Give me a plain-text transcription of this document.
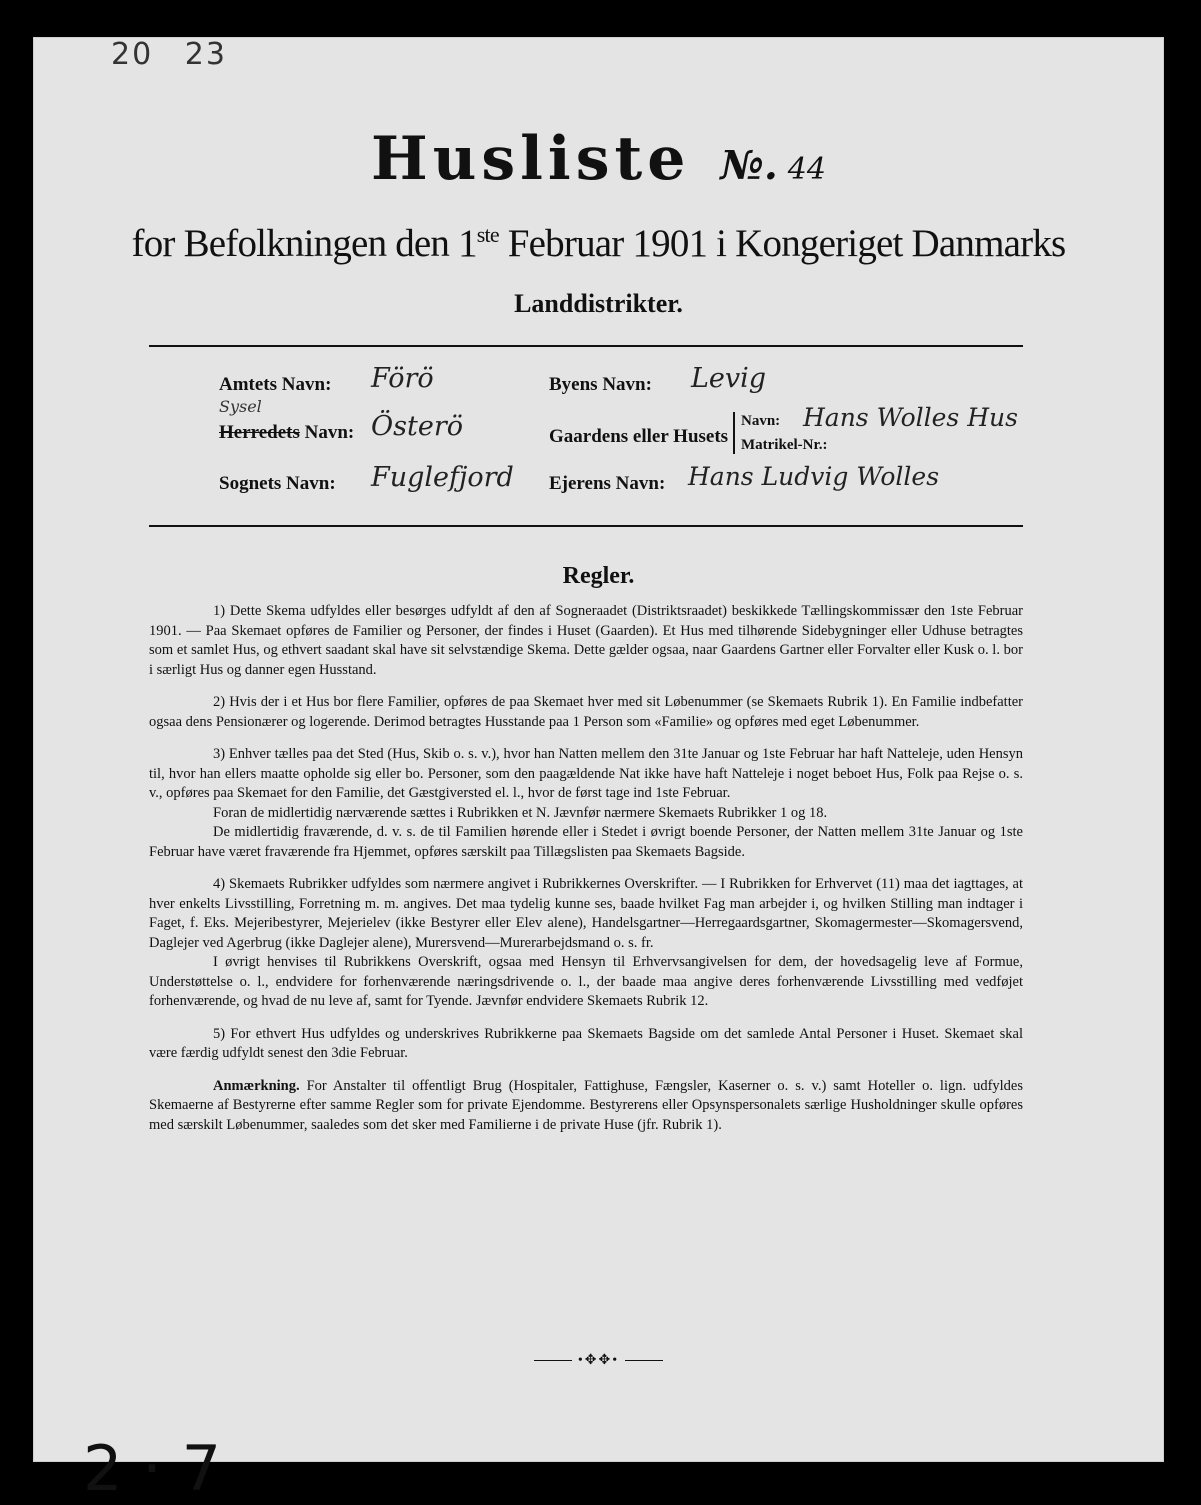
20 23
Husliste №. 44
for Befolkningen den 1ste Februar 1901 i Kongeriget Danmarks
Landdistrikter.
Amtets Navn: Förö	Byens Navn: Levig
Sysel
Herredets Navn: Österö	Gaardens eller Husets
Navn: Hans Wolles Hus
Matrikel-Nr.:
Sognets Navn: Fuglefjord Ejerens Navn: Hans Ludvig Wolles
Regler.

1) Dette Skema udfyldes eller besørges udfyldt af den af Sogneraadet (Distriktsraadet) beskikkede Tællingskommissær den 1ste Februar 1901. — Paa Skemaet opføres de Familier og Personer, der findes i Huset (Gaarden). Et Hus med tilhørende Sidebygninger eller Udhuse betragtes som et samlet Hus, og ethvert saadant skal have sit selvstændige Skema. Dette gælder ogsaa, naar Gaardens Gartner eller Forvalter eller Kusk o. l. bor i særligt Hus og danner egen Husstand.

2) Hvis der i et Hus bor flere Familier, opføres de paa Skemaet hver med sit Løbenummer (se Skemaets Rubrik 1). En Familie indbefatter ogsaa dens Pensionærer og logerende. Derimod betragtes Husstande paa 1 Person som «Familie» og opføres med eget Løbenummer.

3) Enhver tælles paa det Sted (Hus, Skib o. s. v.), hvor han Natten mellem den 31te Januar og 1ste Februar har haft Natteleje, uden Hensyn til, hvor han ellers maatte opholde sig eller bo. Personer, som den paagældende Nat ikke have haft Natteleje i noget beboet Hus, Folk paa Rejse o. s. v., opføres paa Skemaet for den Familie, det Gæstgiversted el. l., hvor de først tage ind 1ste Februar.

Foran de midlertidig nærværende sættes i Rubrikken et N. Jævnfør nærmere Skemaets Rubrikker 1 og 18.

De midlertidig fraværende, d. v. s. de til Familien hørende eller i Stedet i øvrigt boende Personer, der Natten mellem 31te Januar og 1ste Februar have været fraværende fra Hjemmet, opføres særskilt paa Tillægslisten paa Skemaets Bagside.

4) Skemaets Rubrikker udfyldes som nærmere angivet i Rubrikkernes Overskrifter. — I Rubrikken for Erhvervet (11) maa det iagttages, at hver enkelts Livsstilling, Forretning m. m. angives. Det maa tydelig kunne ses, baade hvilket Fag man arbejder i, og hvilken Stilling man indtager i Faget, f. Eks. Mejeribestyrer, Mejerielev (ikke Bestyrer eller Elev alene), Handelsgartner—Herregaardsgartner, Skomagermester—Skomagersvend, Daglejer ved Agerbrug (ikke Daglejer alene), Murersvend—Murerarbejdsmand o. s. fr.

I øvrigt henvises til Rubrikkens Overskrift, ogsaa med Hensyn til Erhvervsangivelsen for dem, der hovedsagelig leve af Formue, Understøttelse o. l., endvidere for forhenværende næringsdrivende o. l., der baade maa angive deres forhenværende Livsstilling med vedføjet forhenværende, og hvad de nu leve af, samt for Tyende. Jævnfør endvidere Skemaets Rubrik 12.

5) For ethvert Hus udfyldes og underskrives Rubrikkerne paa Skemaets Bagside om det samlede Antal Personer i Huset. Skemaet skal være færdig udfyldt senest den 3die Februar.

Anmærkning. For Anstalter til offentligt Brug (Hospitaler, Fattighuse, Fængsler, Kaserner o. s. v.) samt Hoteller o. lign. udfyldes Skemaerne af Bestyrerne efter samme Regler som for private Ejendomme. Bestyrerens eller Opsynspersonalets særlige Husholdninger skulle opføres med særskilt Løbenummer, saaledes som det sker med Familierne i de private Huse (jfr. Rubrik 1).

•✥✥•
2 · 7
